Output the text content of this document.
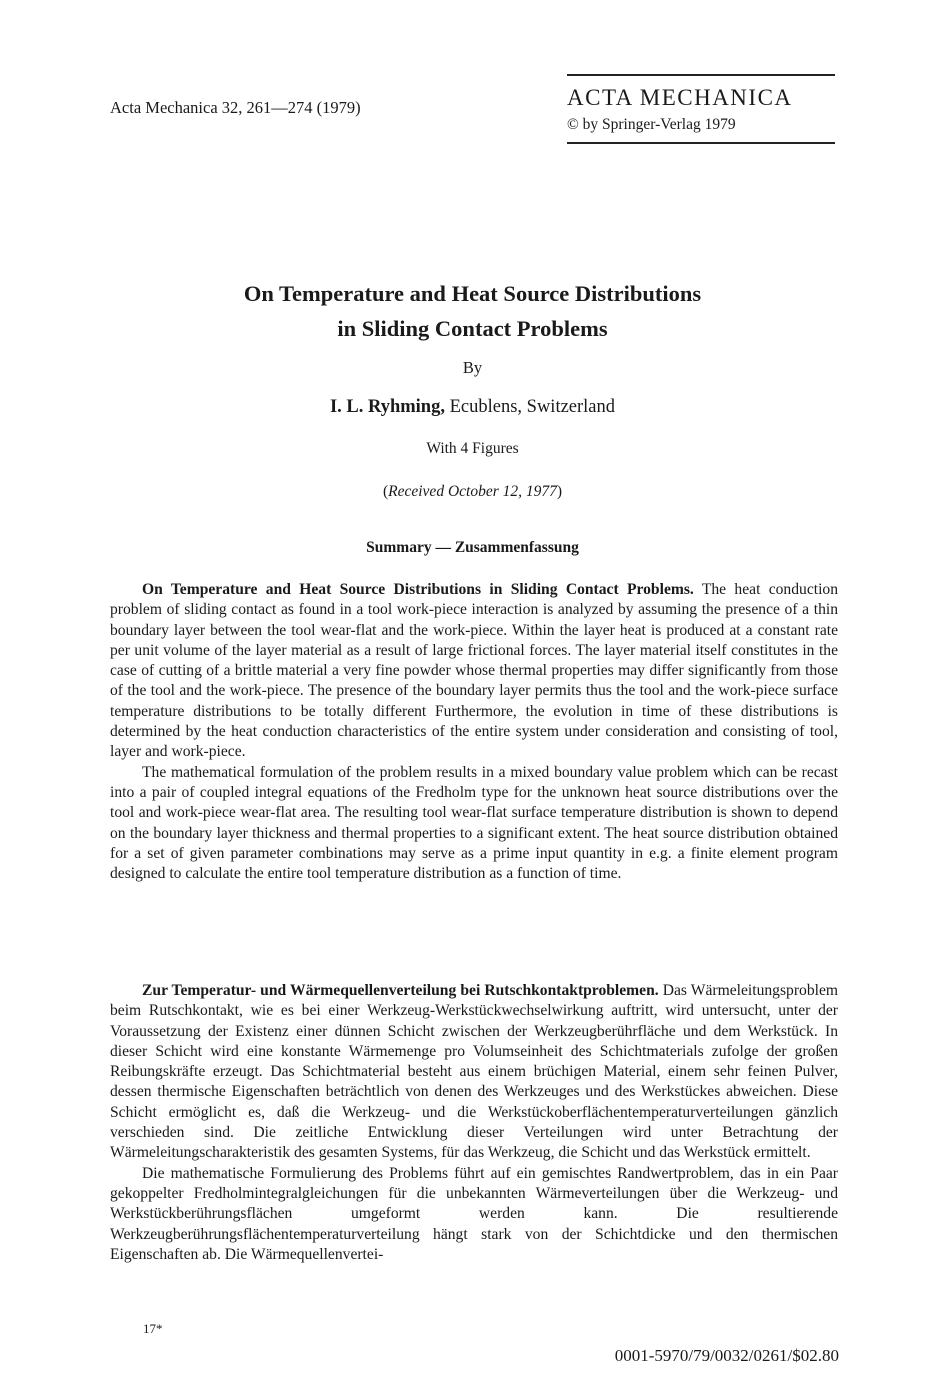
Acta Mechanica 32, 261—274 (1979)	ACTA MECHANICA
© by Springer-Verlag 1979
On Temperature and Heat Source Distributions
in Sliding Contact Problems
By
I. L. Ryhming, Ecublens, Switzerland
With 4 Figures
(Received October 12, 1977)
Summary — Zusammenfassung

On Temperature and Heat Source Distributions in Sliding Contact Problems. The heat conduction problem of sliding contact as found in a tool work-piece interaction is analyzed by assuming the presence of a thin boundary layer between the tool wear-flat and the work-piece. Within the layer heat is produced at a constant rate per unit volume of the layer material as a result of large frictional forces. The layer material itself constitutes in the case of cutting of a brittle material a very fine powder whose thermal properties may differ significantly from those of the tool and the work-piece. The presence of the boundary layer permits thus the tool and the work-piece surface temperature distributions to be totally different Furthermore, the evolution in time of these distributions is determined by the heat conduction characteristics of the entire system under consideration and consisting of tool, layer and work-piece.

The mathematical formulation of the problem results in a mixed boundary value problem which can be recast into a pair of coupled integral equations of the Fredholm type for the unknown heat source distributions over the tool and work-piece wear-flat area. The resulting tool wear-flat surface temperature distribution is shown to depend on the boundary layer thickness and thermal properties to a significant extent. The heat source distribution obtained for a set of given parameter combinations may serve as a prime input quantity in e.g. a finite element program designed to calculate the entire tool temperature distribution as a function of time.

Zur Temperatur- und Wärmequellenverteilung bei Rutschkontaktproblemen. Das Wärmeleitungsproblem beim Rutschkontakt, wie es bei einer Werkzeug-Werkstückwechselwirkung auftritt, wird untersucht, unter der Voraussetzung der Existenz einer dünnen Schicht zwischen der Werkzeugberührfläche und dem Werkstück. In dieser Schicht wird eine konstante Wärmemenge pro Volumseinheit des Schichtmaterials zufolge der großen Reibungskräfte erzeugt. Das Schichtmaterial besteht aus einem brüchigen Material, einem sehr feinen Pulver, dessen thermische Eigenschaften beträchtlich von denen des Werkzeuges und des Werkstückes abweichen. Diese Schicht ermöglicht es, daß die Werkzeug- und die Werkstückoberflächentemperaturverteilungen gänzlich verschieden sind. Die zeitliche Entwicklung dieser Verteilungen wird unter Betrachtung der Wärmeleitungscharakteristik des gesamten Systems, für das Werkzeug, die Schicht und das Werkstück ermittelt.

Die mathematische Formulierung des Problems führt auf ein gemischtes Randwertproblem, das in ein Paar gekoppelter Fredholmintegralgleichungen für die unbekannten Wärmeverteilungen über die Werkzeug- und Werkstückberührungsflächen umgeformt werden kann. Die resultierende Werkzeugberührungsflächentemperaturverteilung hängt stark von der Schichtdicke und den thermischen Eigenschaften ab. Die Wärmequellenvertei-

17*
0001-5970/79/0032/0261/$02.80
